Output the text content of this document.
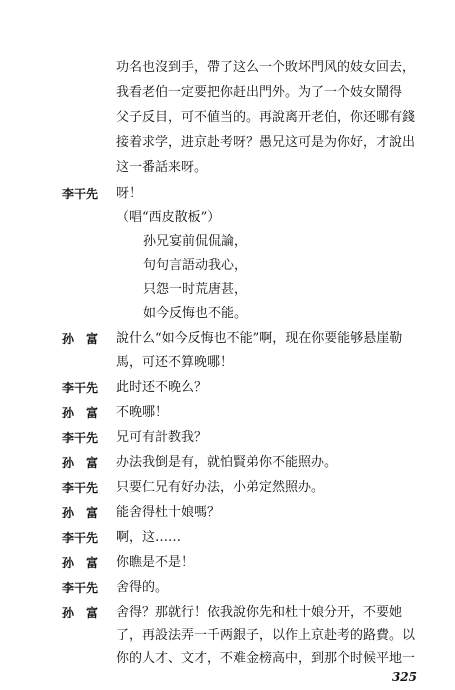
功名也沒到手，帶了这么一个敗坏門风的妓女回去，
我看老伯一定要把你赶出門外。为了一个妓女鬧得
父子反目，可不値当的。再說离开老伯，你还哪有錢
接着求学，进京赴考呀？愚兄这可是为你好，才說出
这一番話来呀。
李干先 呀！
（唱“西皮散板”）
孙兄宴前侃侃論，
句句言語动我心，
只怨一时荒唐甚，
如今反悔也不能。
孙　富 說什么“如今反悔也不能”啊，现在你要能够悬崖勒
馬，可还不算晚哪！
李干先 此时还不晚么？
孙　富 不晚哪！
李干先 兄可有計教我？
孙　富 办法我倒是有，就怕賢弟你不能照办。
李干先 只要仁兄有好办法，小弟定然照办。
孙　富 能舍得杜十娘嗎？
李干先 啊，这……
孙　富 你瞧是不是！
李干先 舍得的。
孙　富 舍得？那就行！依我說你先和杜十娘分开，不要她
了，再設法弄一千两銀子，以作上京赴考的路費。以
你的人才、文才，不难金榜高中，到那个时候平地一
325
